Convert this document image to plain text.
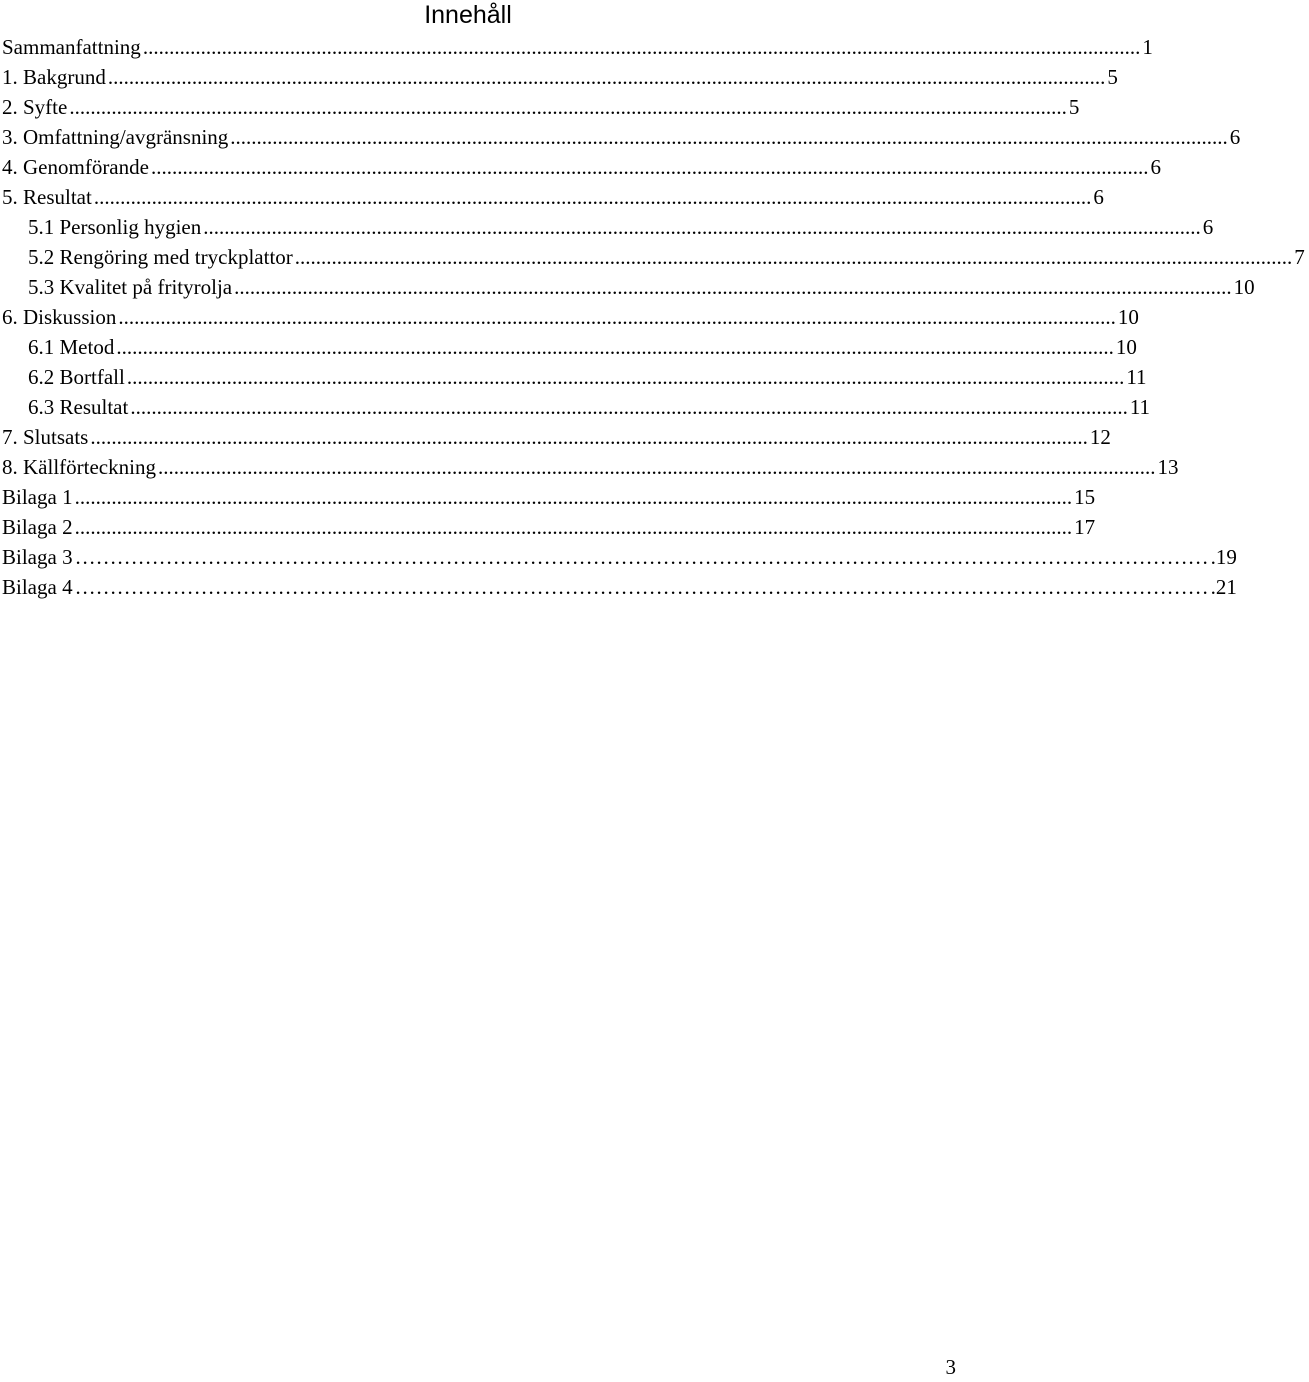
Innehåll
Sammanfattning .............................................................................................................................................................................................. 1
1. Bakgrund .............................................................................................................................................................................................. 5
2. Syfte .............................................................................................................................................................................................. 5
3. Omfattning/avgränsning .............................................................................................................................................................................................. 6
4. Genomförande .............................................................................................................................................................................................. 6
5. Resultat .............................................................................................................................................................................................. 6
5.1 Personlig hygien .............................................................................................................................................................................................. 6
5.2 Rengöring med tryckplattor .............................................................................................................................................................................................. 7
5.3 Kvalitet på frityrolja .............................................................................................................................................................................................. 10
6. Diskussion .............................................................................................................................................................................................. 10
6.1 Metod .............................................................................................................................................................................................. 10
6.2 Bortfall .............................................................................................................................................................................................. 11
6.3 Resultat .............................................................................................................................................................................................. 11
7. Slutsats .............................................................................................................................................................................................. 12
8. Källförteckning .............................................................................................................................................................................................. 13
Bilaga 1 .............................................................................................................................................................................................. 15
Bilaga 2 .............................................................................................................................................................................................. 17
Bilaga 3 ……………………………………………………………………………………………………………………………………………… .19
Bilaga 4 ……………………………………………………………………………………………………………………………………………… .21
3
